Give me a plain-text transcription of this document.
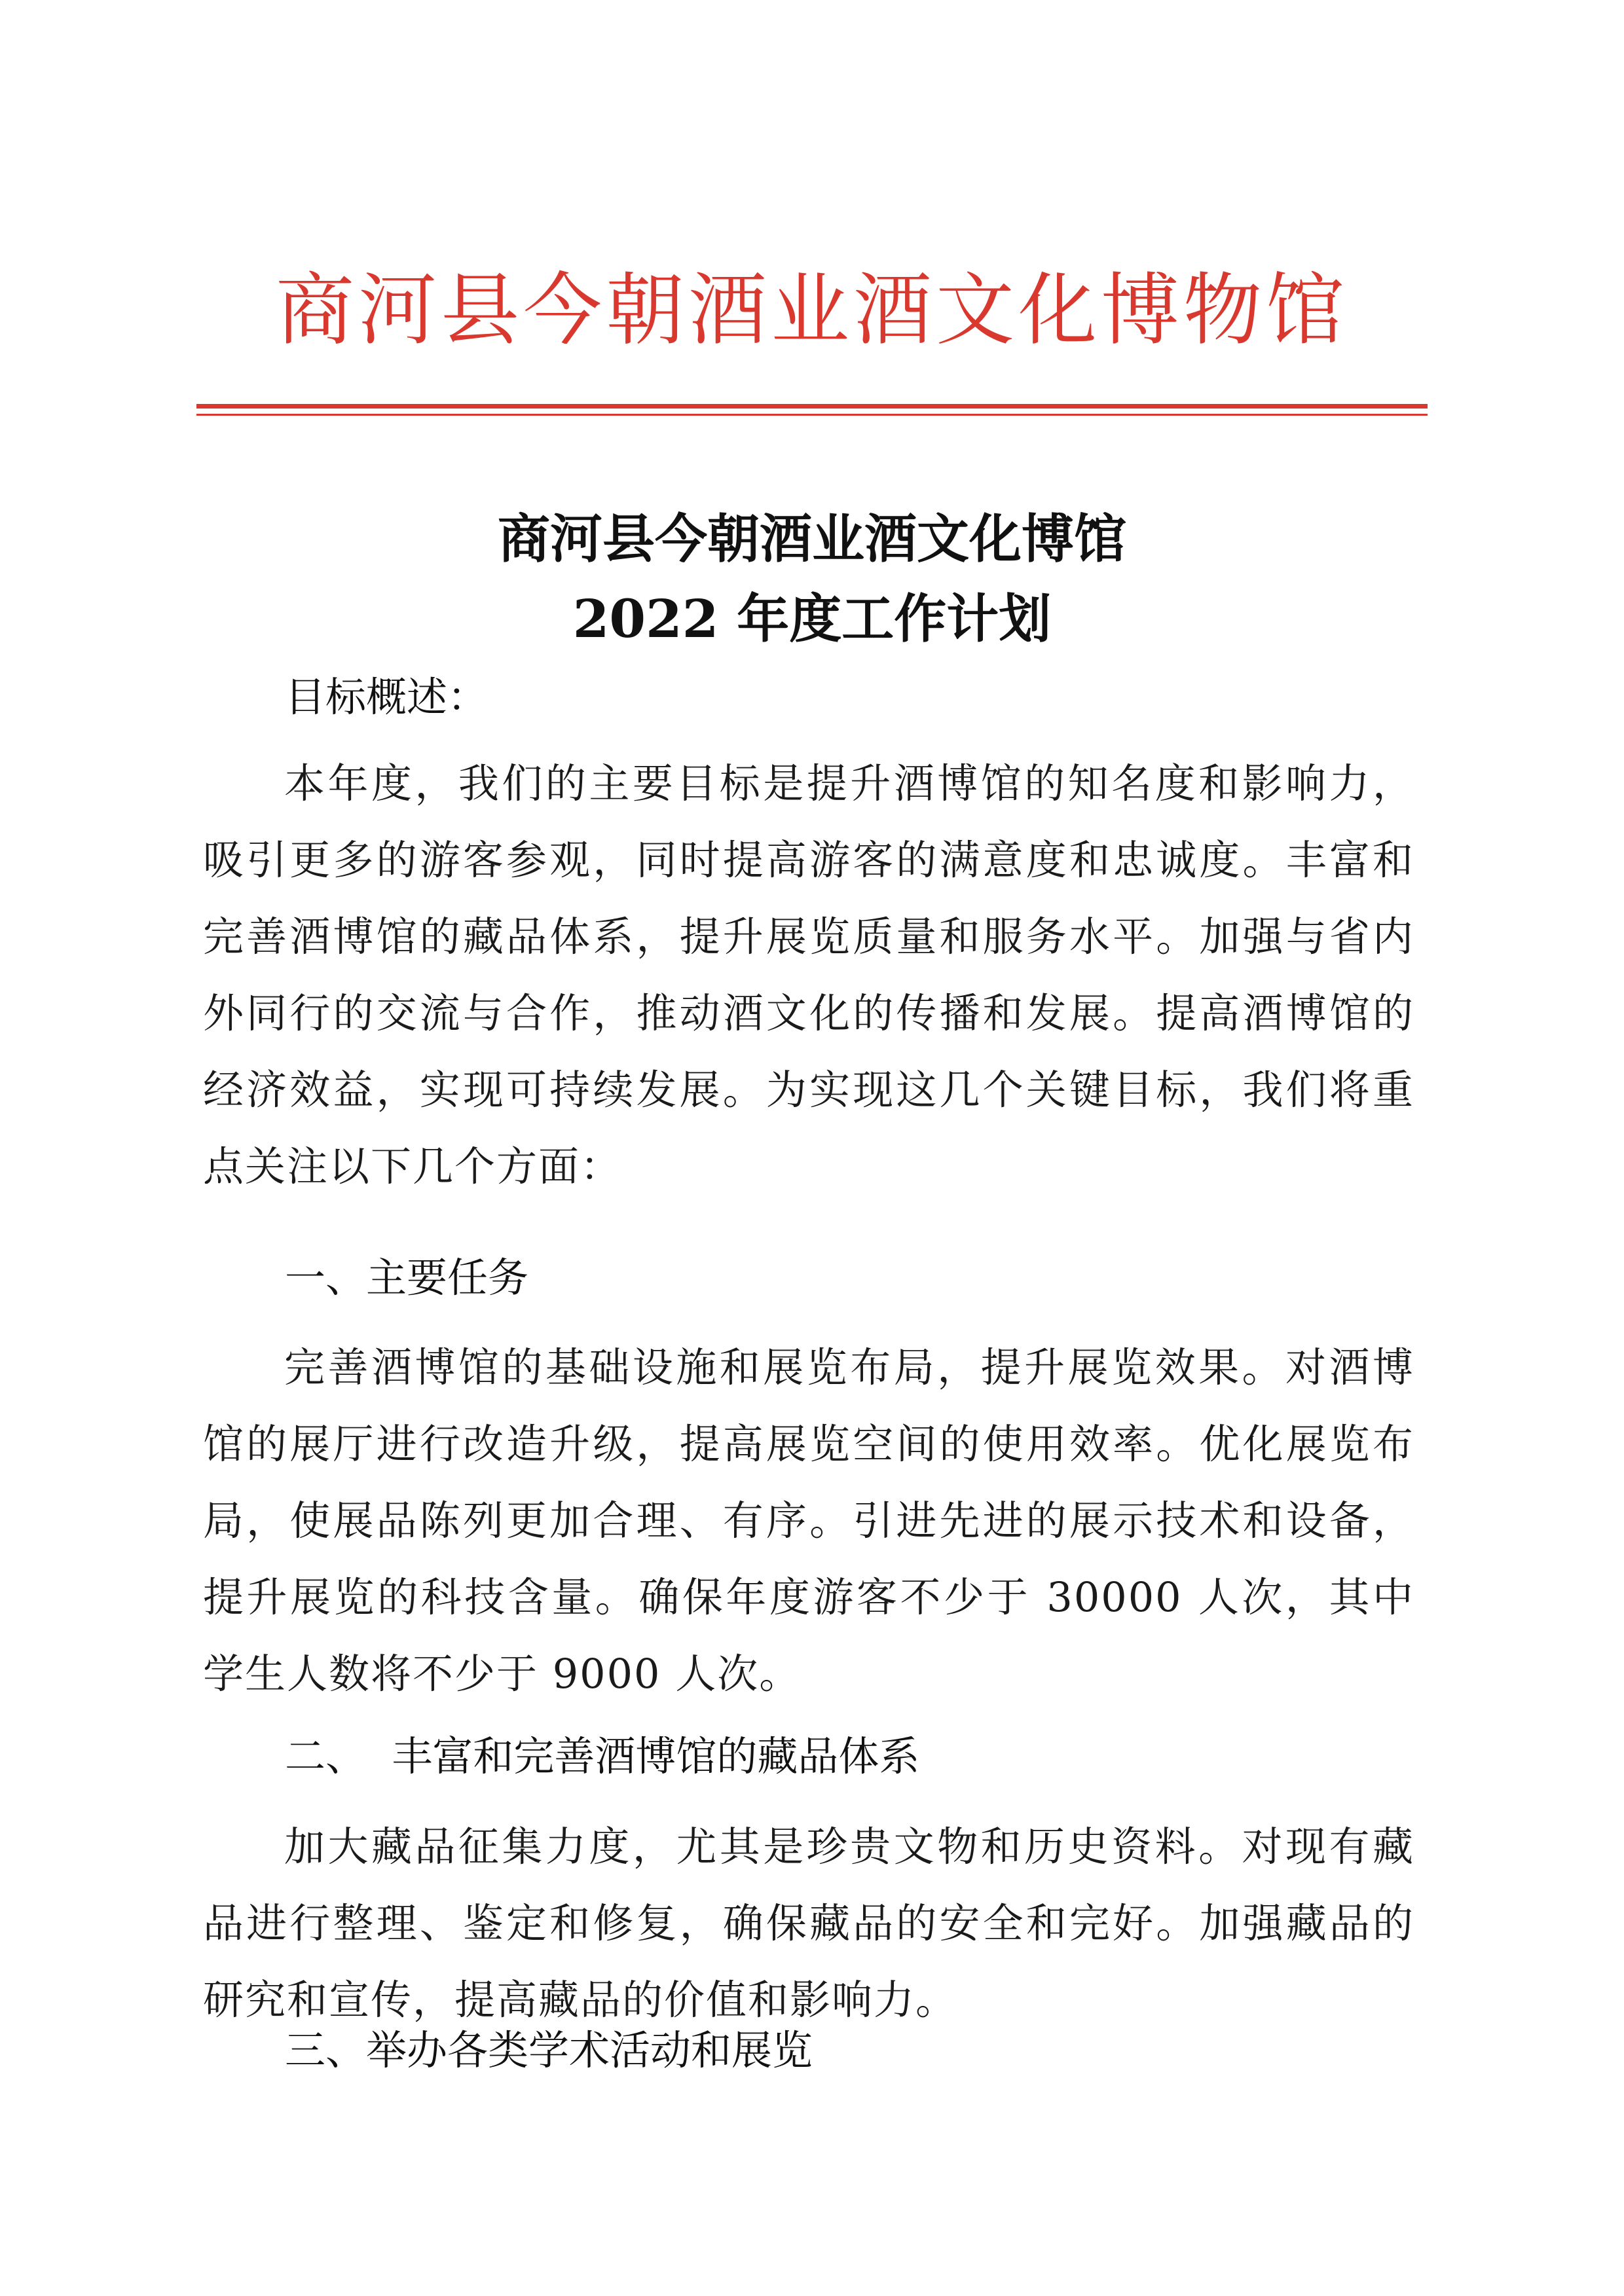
商河县今朝酒业酒文化博物馆
商河县今朝酒业酒文化博馆
2022 年度工作计划
目标概述：
本年度，我们的主要目标是提升酒博馆的知名度和影响力，吸引更多的游客参观，同时提高游客的满意度和忠诚度。丰富和完善酒博馆的藏品体系，提升展览质量和服务水平。加强与省内外同行的交流与合作，推动酒文化的传播和发展。提高酒博馆的经济效益，实现可持续发展。为实现这几个关键目标，我们将重点关注以下几个方面：
一、主要任务
完善酒博馆的基础设施和展览布局，提升展览效果。对酒博馆的展厅进行改造升级，提高展览空间的使用效率。优化展览布局，使展品陈列更加合理、有序。引进先进的展示技术和设备，提升展览的科技含量。确保年度游客不少于 30000 人次，其中学生人数将不少于 9000 人次。
二、  丰富和完善酒博馆的藏品体系
加大藏品征集力度，尤其是珍贵文物和历史资料。对现有藏品进行整理、鉴定和修复，确保藏品的安全和完好。加强藏品的研究和宣传，提高藏品的价值和影响力。
三、举办各类学术活动和展览
